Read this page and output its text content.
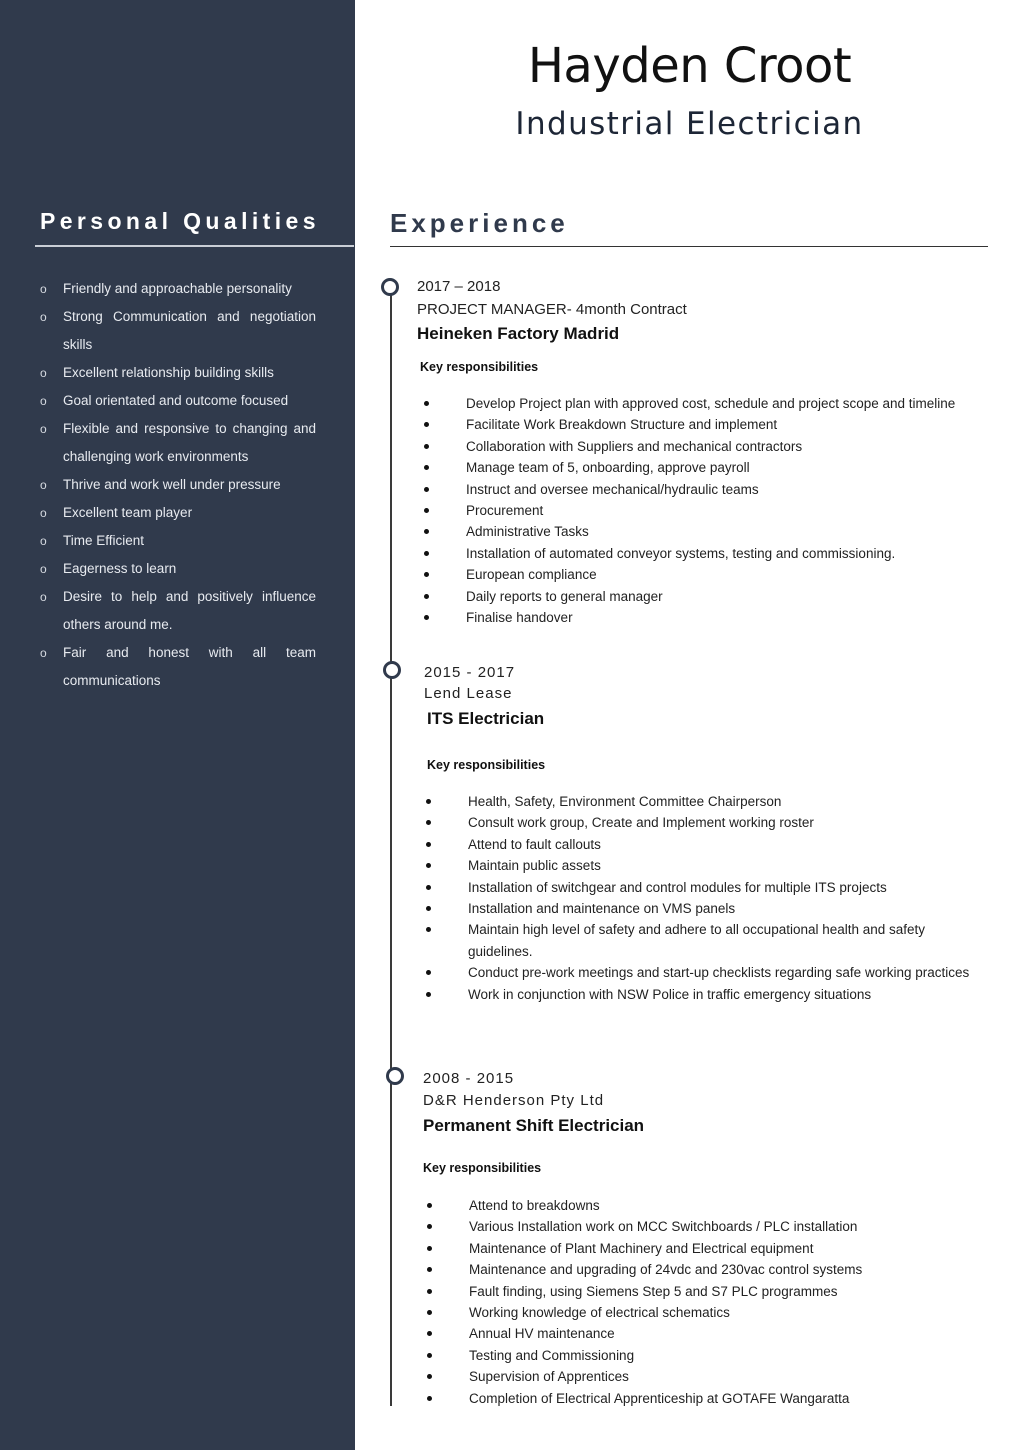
Personal Qualities
o Friendly and approachable personality
o Strong Communication and negotiation skills
o Excellent relationship building skills
o Goal orientated and outcome focused
o Flexible and responsive to changing and challenging work environments
o Thrive and work well under pressure
o Excellent team player
o Time Efficient
o Eagerness to learn
o Desire to help and positively influence others around me.
o Fair and honest with all team communications
Hayden Croot
Industrial Electrician
Experience
2017 – 2018
PROJECT MANAGER- 4month Contract
Heineken Factory Madrid
Key responsibilities
Develop Project plan with approved cost, schedule and project scope and timeline
Facilitate Work Breakdown Structure and implement
Collaboration with Suppliers and mechanical contractors
Manage team of 5, onboarding, approve payroll
Instruct and oversee mechanical/hydraulic teams
Procurement
Administrative Tasks
Installation of automated conveyor systems, testing and commissioning.
European compliance
Daily reports to general manager
Finalise handover
2015 - 2017
Lend Lease
ITS Electrician
Key responsibilities
Health, Safety, Environment Committee Chairperson
Consult work group, Create and Implement working roster
Attend to fault callouts
Maintain public assets
Installation of switchgear and control modules for multiple ITS projects
Installation and maintenance on VMS panels
Maintain high level of safety and adhere to all occupational health and safety guidelines.
Conduct pre-work meetings and start-up checklists regarding safe working practices
Work in conjunction with NSW Police in traffic emergency situations
2008 - 2015
D&R Henderson Pty Ltd
Permanent Shift Electrician
Key responsibilities
Attend to breakdowns
Various Installation work on MCC Switchboards / PLC installation
Maintenance of Plant Machinery and Electrical equipment
Maintenance and upgrading of 24vdc and 230vac control systems
Fault finding, using Siemens Step 5 and S7 PLC programmes
Working knowledge of electrical schematics
Annual HV maintenance
Testing and Commissioning
Supervision of Apprentices
Completion of Electrical Apprenticeship at GOTAFE Wangaratta
